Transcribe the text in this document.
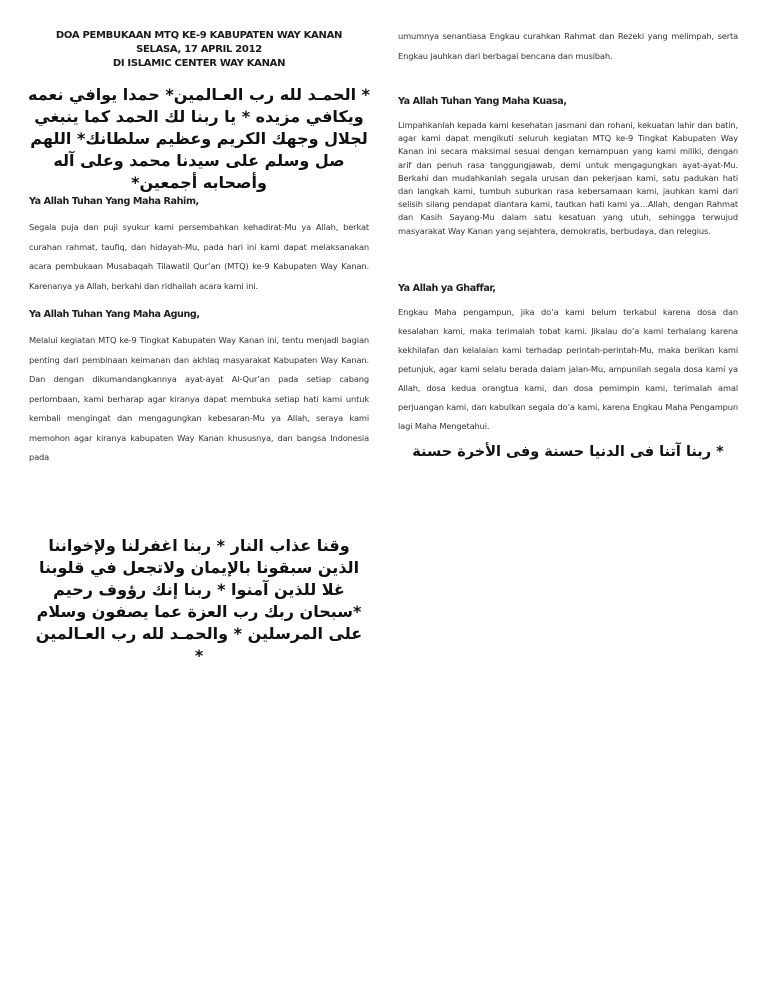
DOA PEMBUKAAN MTQ KE-9 KABUPATEN WAY KANAN
SELASA, 17 APRIL 2012
DI ISLAMIC CENTER WAY KANAN
* الحمـد لله رب العـالمين* حمدا يوافي نعمه ويكافي مزيده * يا ربنا لك الحمد كما ينبغي لجلال وجهك الكريم وعظيم سلطانك* اللهم صل وسلم على سيدنا محمد وعلى آله وأصحابه أجمعين*
Ya Allah Tuhan Yang Maha Rahim,
Segala puja dan puji syukur kami persembahkan kehadirat-Mu ya Allah, berkat curahan rahmat, taufiq, dan hidayah-Mu, pada hari ini kami dapat melaksanakan acara pembukaan Musabaqah Tilawatil Qur’an (MTQ) ke-9 Kabupaten Way Kanan. Karenanya ya Allah, berkahi dan ridhailah acara kami ini.
Ya Allah Tuhan Yang Maha Agung,
Melalui kegiatan MTQ ke-9 Tingkat Kabupaten Way Kanan ini, tentu menjadi bagian penting dari pembinaan keimanan dan akhlaq masyarakat Kabupaten Way Kanan. Dan dengan dikumandangkannya ayat-ayat Al-Qur’an pada setiap cabang perlombaan, kami berharap agar kiranya dapat membuka setiap hati kami untuk kembali mengingat dan mengagungkan kebesaran-Mu ya Allah, seraya kami memohon agar kiranya kabupaten Way Kanan khususnya, dan bangsa Indonesia pada
وقنا عذاب النار * ربنا اغفرلنا ولإخواننا الذين سبقونا بالإيمان ولاتجعل في قلوبنا غلا للذين آمنوا * ربنا إنك رؤوف رحيم *سبحان ربك رب العزة عما يصفون وسلام على المرسلين * والحمـد لله رب العـالمين *
umumnya senantiasa Engkau curahkan Rahmat dan Rezeki yang melimpah, serta Engkau jauhkan dari berbagai bencana dan musibah.
Ya Allah Tuhan Yang Maha Kuasa,
Limpahkanlah kepada kami kesehatan jasmani dan rohani, kekuatan lahir dan batin, agar kami dapat mengikuti seluruh kegiatan MTQ ke-9 Tingkat Kabupaten Way Kanan ini secara maksimal sesuai dengan kemampuan yang kami miliki, dengan arif dan penuh rasa tanggungjawab, demi untuk mengagungkan ayat-ayat-Mu. Berkahi dan mudahkanlah segala urusan dan pekerjaan kami, satu padukan hati dan langkah kami, tumbuh suburkan rasa kebersamaan kami, jauhkan kami dari selisih silang pendapat diantara kami, tautkan hati kami ya…Allah, dengan Rahmat dan Kasih Sayang-Mu dalam satu kesatuan yang utuh, sehingga terwujud masyarakat Way Kanan yang sejahtera, demokratis, berbudaya, dan relegius.
Ya Allah ya Ghaffar,
Engkau Maha pengampun, jika do’a kami belum terkabul karena dosa dan kesalahan kami, maka terimalah tobat kami. Jikalau do’a kami terhalang karena kekhilafan dan kelalaian kami terhadap perintah-perintah-Mu, maka berikan kami petunjuk, agar kami selalu berada dalam jalan-Mu, ampunilah segala dosa kami ya Allah, dosa kedua orangtua kami, dan dosa pemimpin kami, terimalah amal perjuangan kami, dan kabulkan segala do’a kami, karena Engkau Maha Pengampun lagi Maha Mengetahui.
* ربنا آتنا فى الدنيا حسنة وفى الأخرة حسنة
